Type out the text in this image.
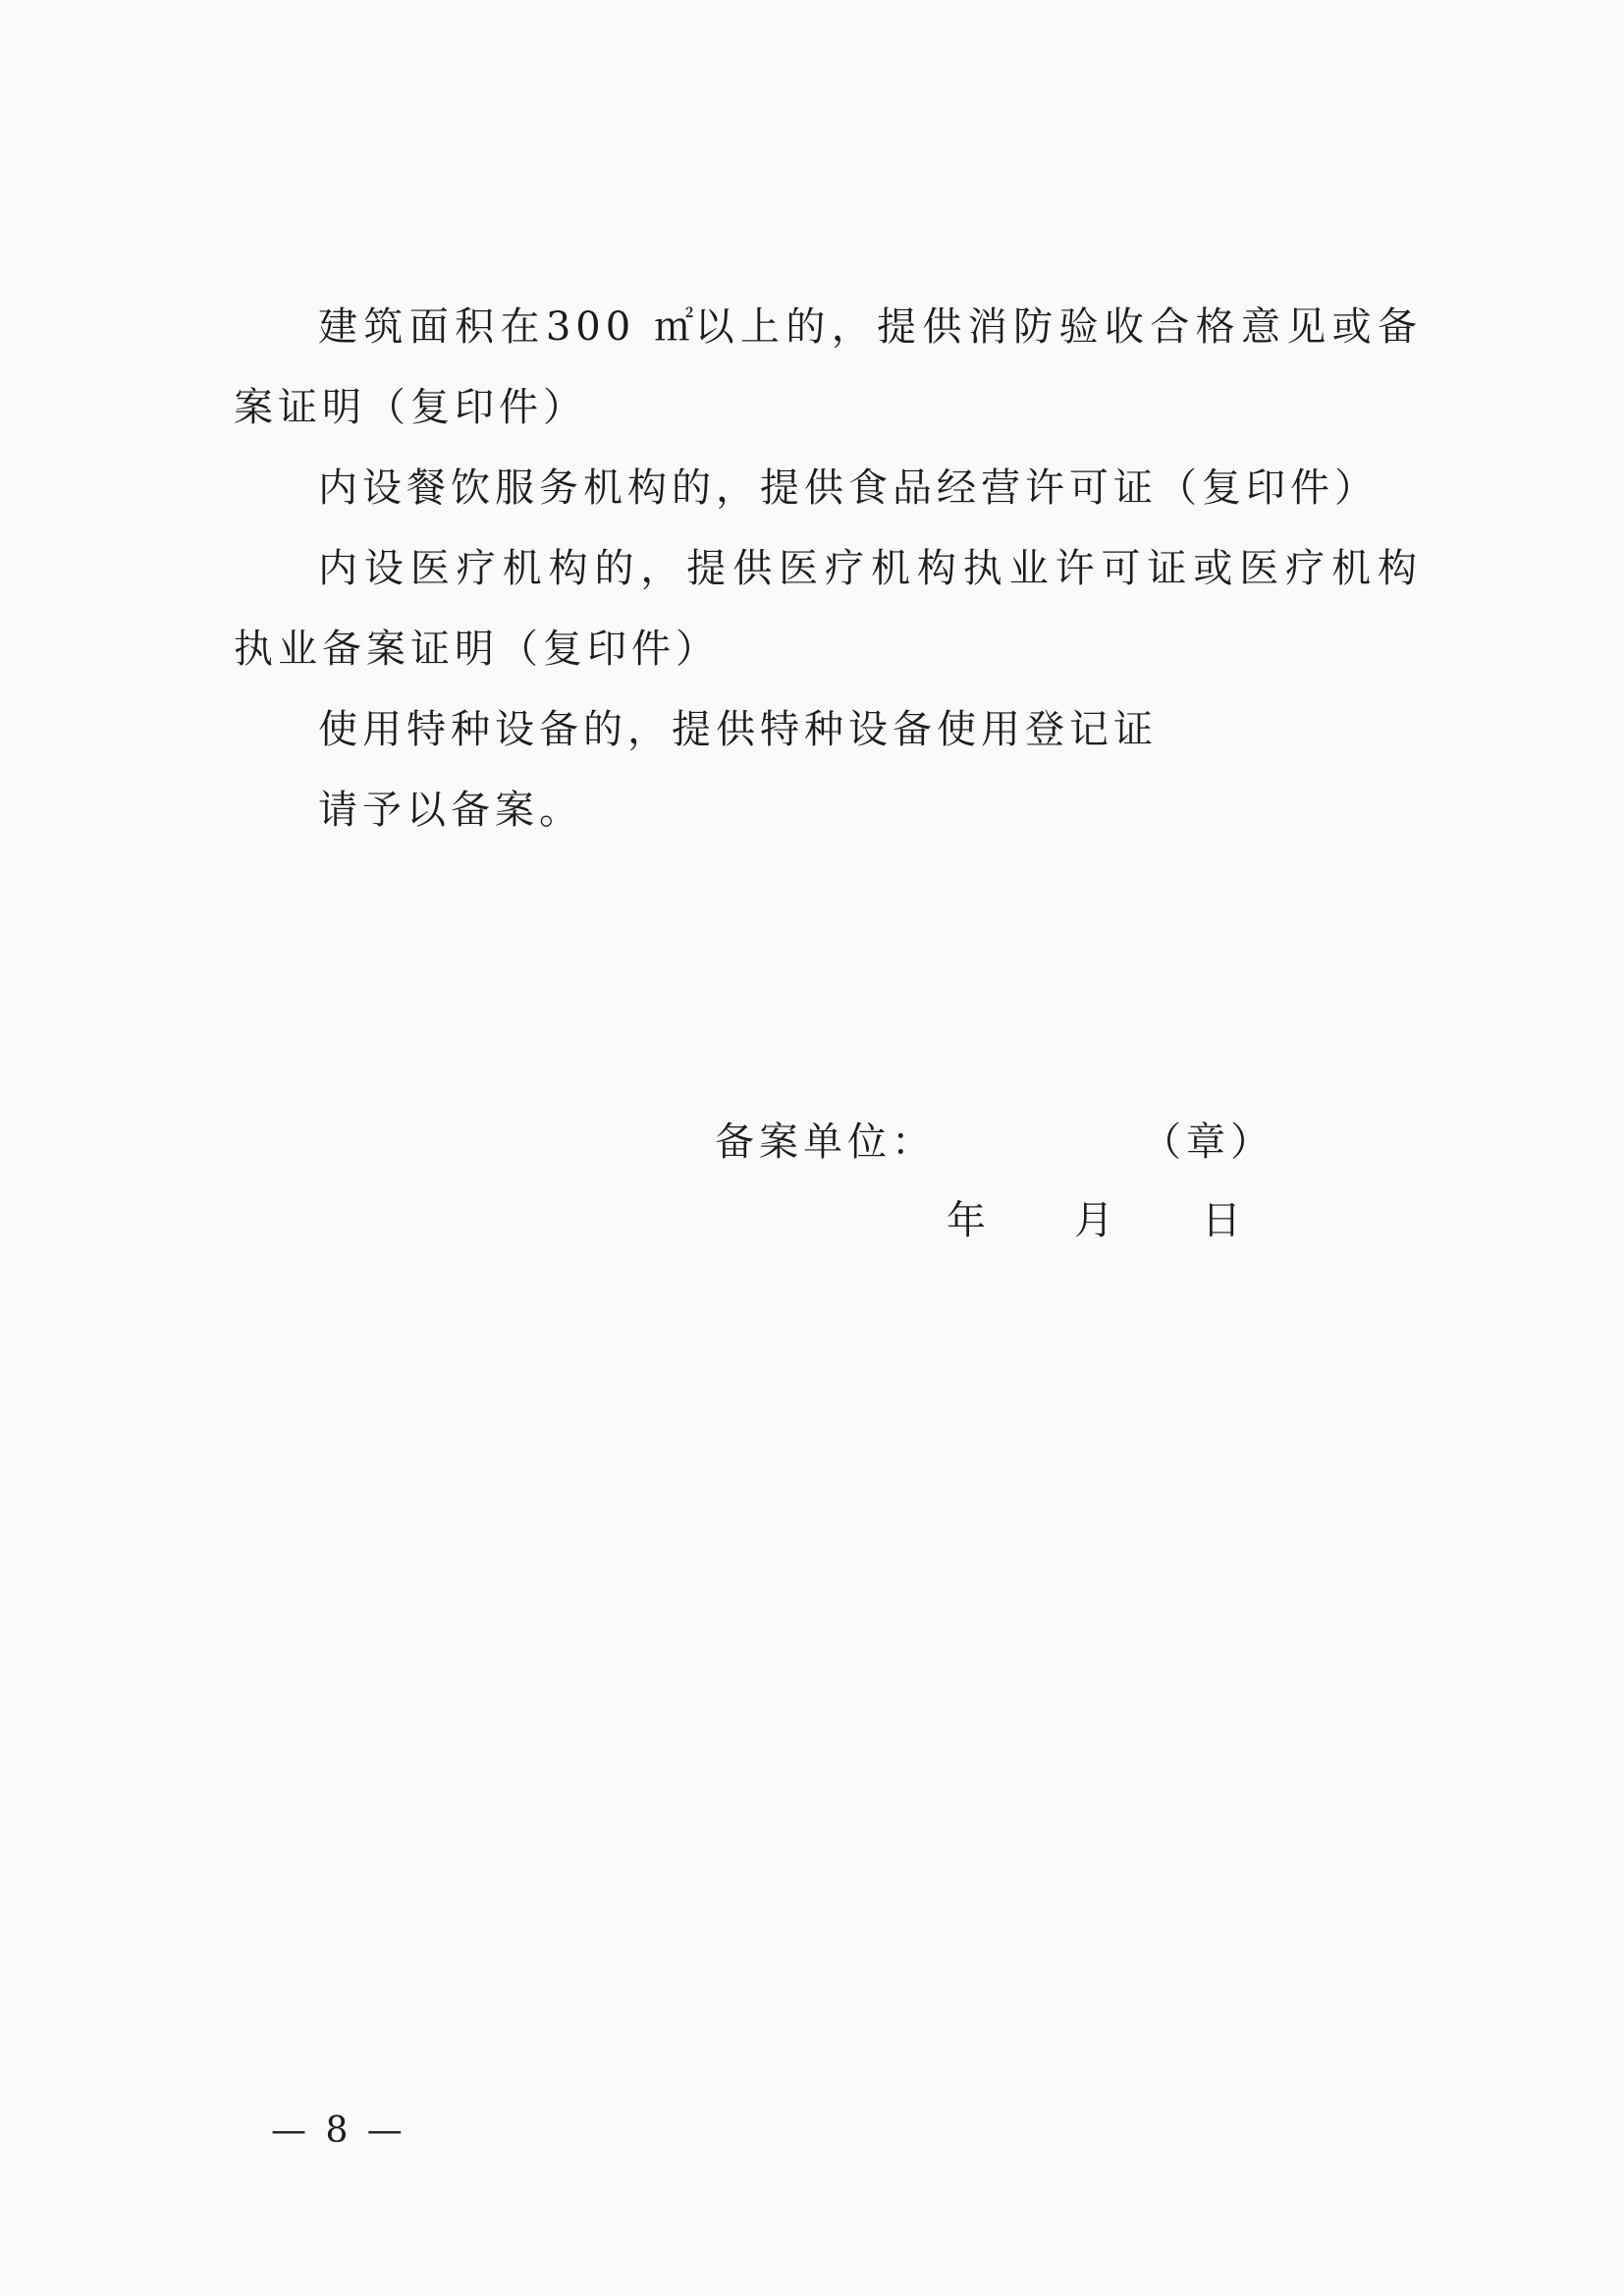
建筑面积在300 ㎡以上的，提供消防验收合格意见或备案证明（复印件）

内设餐饮服务机构的，提供食品经营许可证（复印件）

内设医疗机构的，提供医疗机构执业许可证或医疗机构执业备案证明（复印件）

使用特种设备的，提供特种设备使用登记证

请予以备案。

备案单位：	（章）
年 月 日
— 8 —
